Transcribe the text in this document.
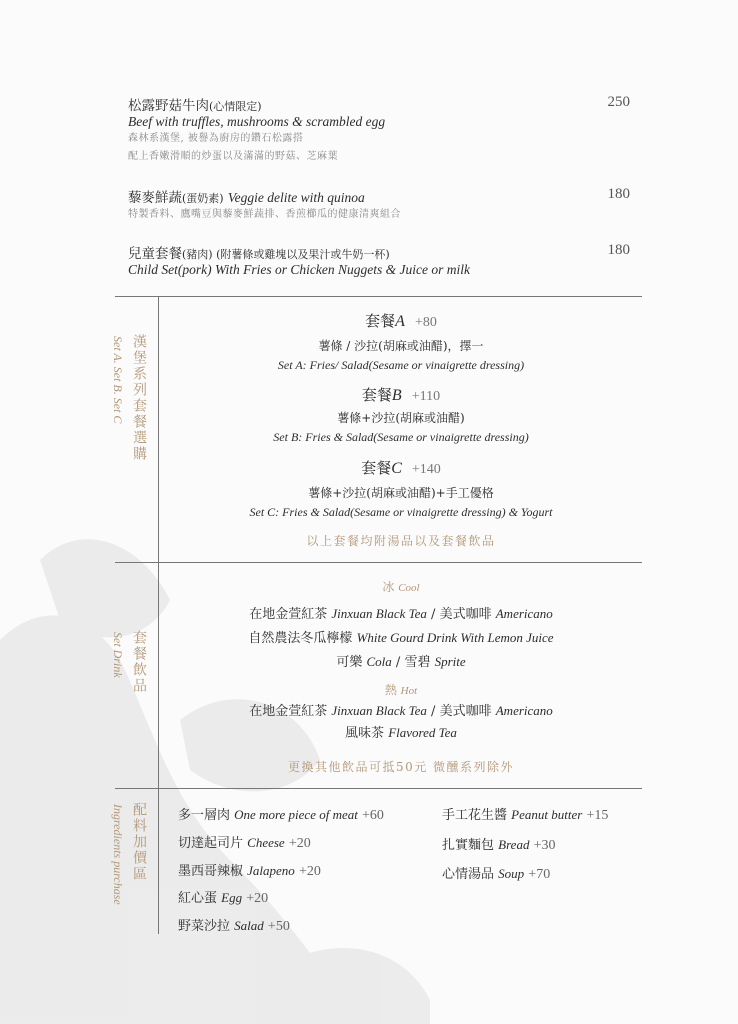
松露野菇牛肉(心情限定)	250
Beef with truffles, mushrooms & scrambled egg
森林系漢堡, 被譽為廚房的鑽石松露搭
配上香嫩滑順的炒蛋以及滿滿的野菇、芝麻葉
藜麥鮮蔬(蛋奶素) Veggie delite with quinoa	180
特製香料、鷹嘴豆與藜麥鮮蔬排、香煎櫛瓜的健康清爽組合
兒童套餐(豬肉) (附薯條或雞塊以及果汁或牛奶一杯)	180
Child Set(pork) With Fries or Chicken Nuggets & Juice or milk
Set A. Set B. Set C 漢堡系列套餐選購
套餐A +80
薯條 / 沙拉(胡麻或油醋)，擇一
Set A: Fries/ Salad(Sesame or vinaigrette dressing)
套餐B +110
薯條+沙拉(胡麻或油醋)
Set B: Fries & Salad(Sesame or vinaigrette dressing)
套餐C +140
薯條+沙拉(胡麻或油醋)+手工優格
Set C: Fries & Salad(Sesame or vinaigrette dressing) & Yogurt
以上套餐均附湯品以及套餐飲品
Set Drink 套餐飲品
冰 Cool
在地金萱紅茶 Jinxuan Black Tea / 美式咖啡 Americano
自然農法冬瓜檸檬 White Gourd Drink With Lemon Juice
可樂 Cola / 雪碧 Sprite
熱 Hot
在地金萱紅茶 Jinxuan Black Tea / 美式咖啡 Americano
風味茶 Flavored Tea
更換其他飲品可抵50元 微醺系列除外
Ingredients purchase 配料加價區 多一層肉 One more piece of meat +60
切達起司片 Cheese +20
墨西哥辣椒 Jalapeno +20
紅心蛋 Egg +20
野菜沙拉 Salad +50
手工花生醬 Peanut butter +15
扎實麵包 Bread +30
心情湯品 Soup +70
